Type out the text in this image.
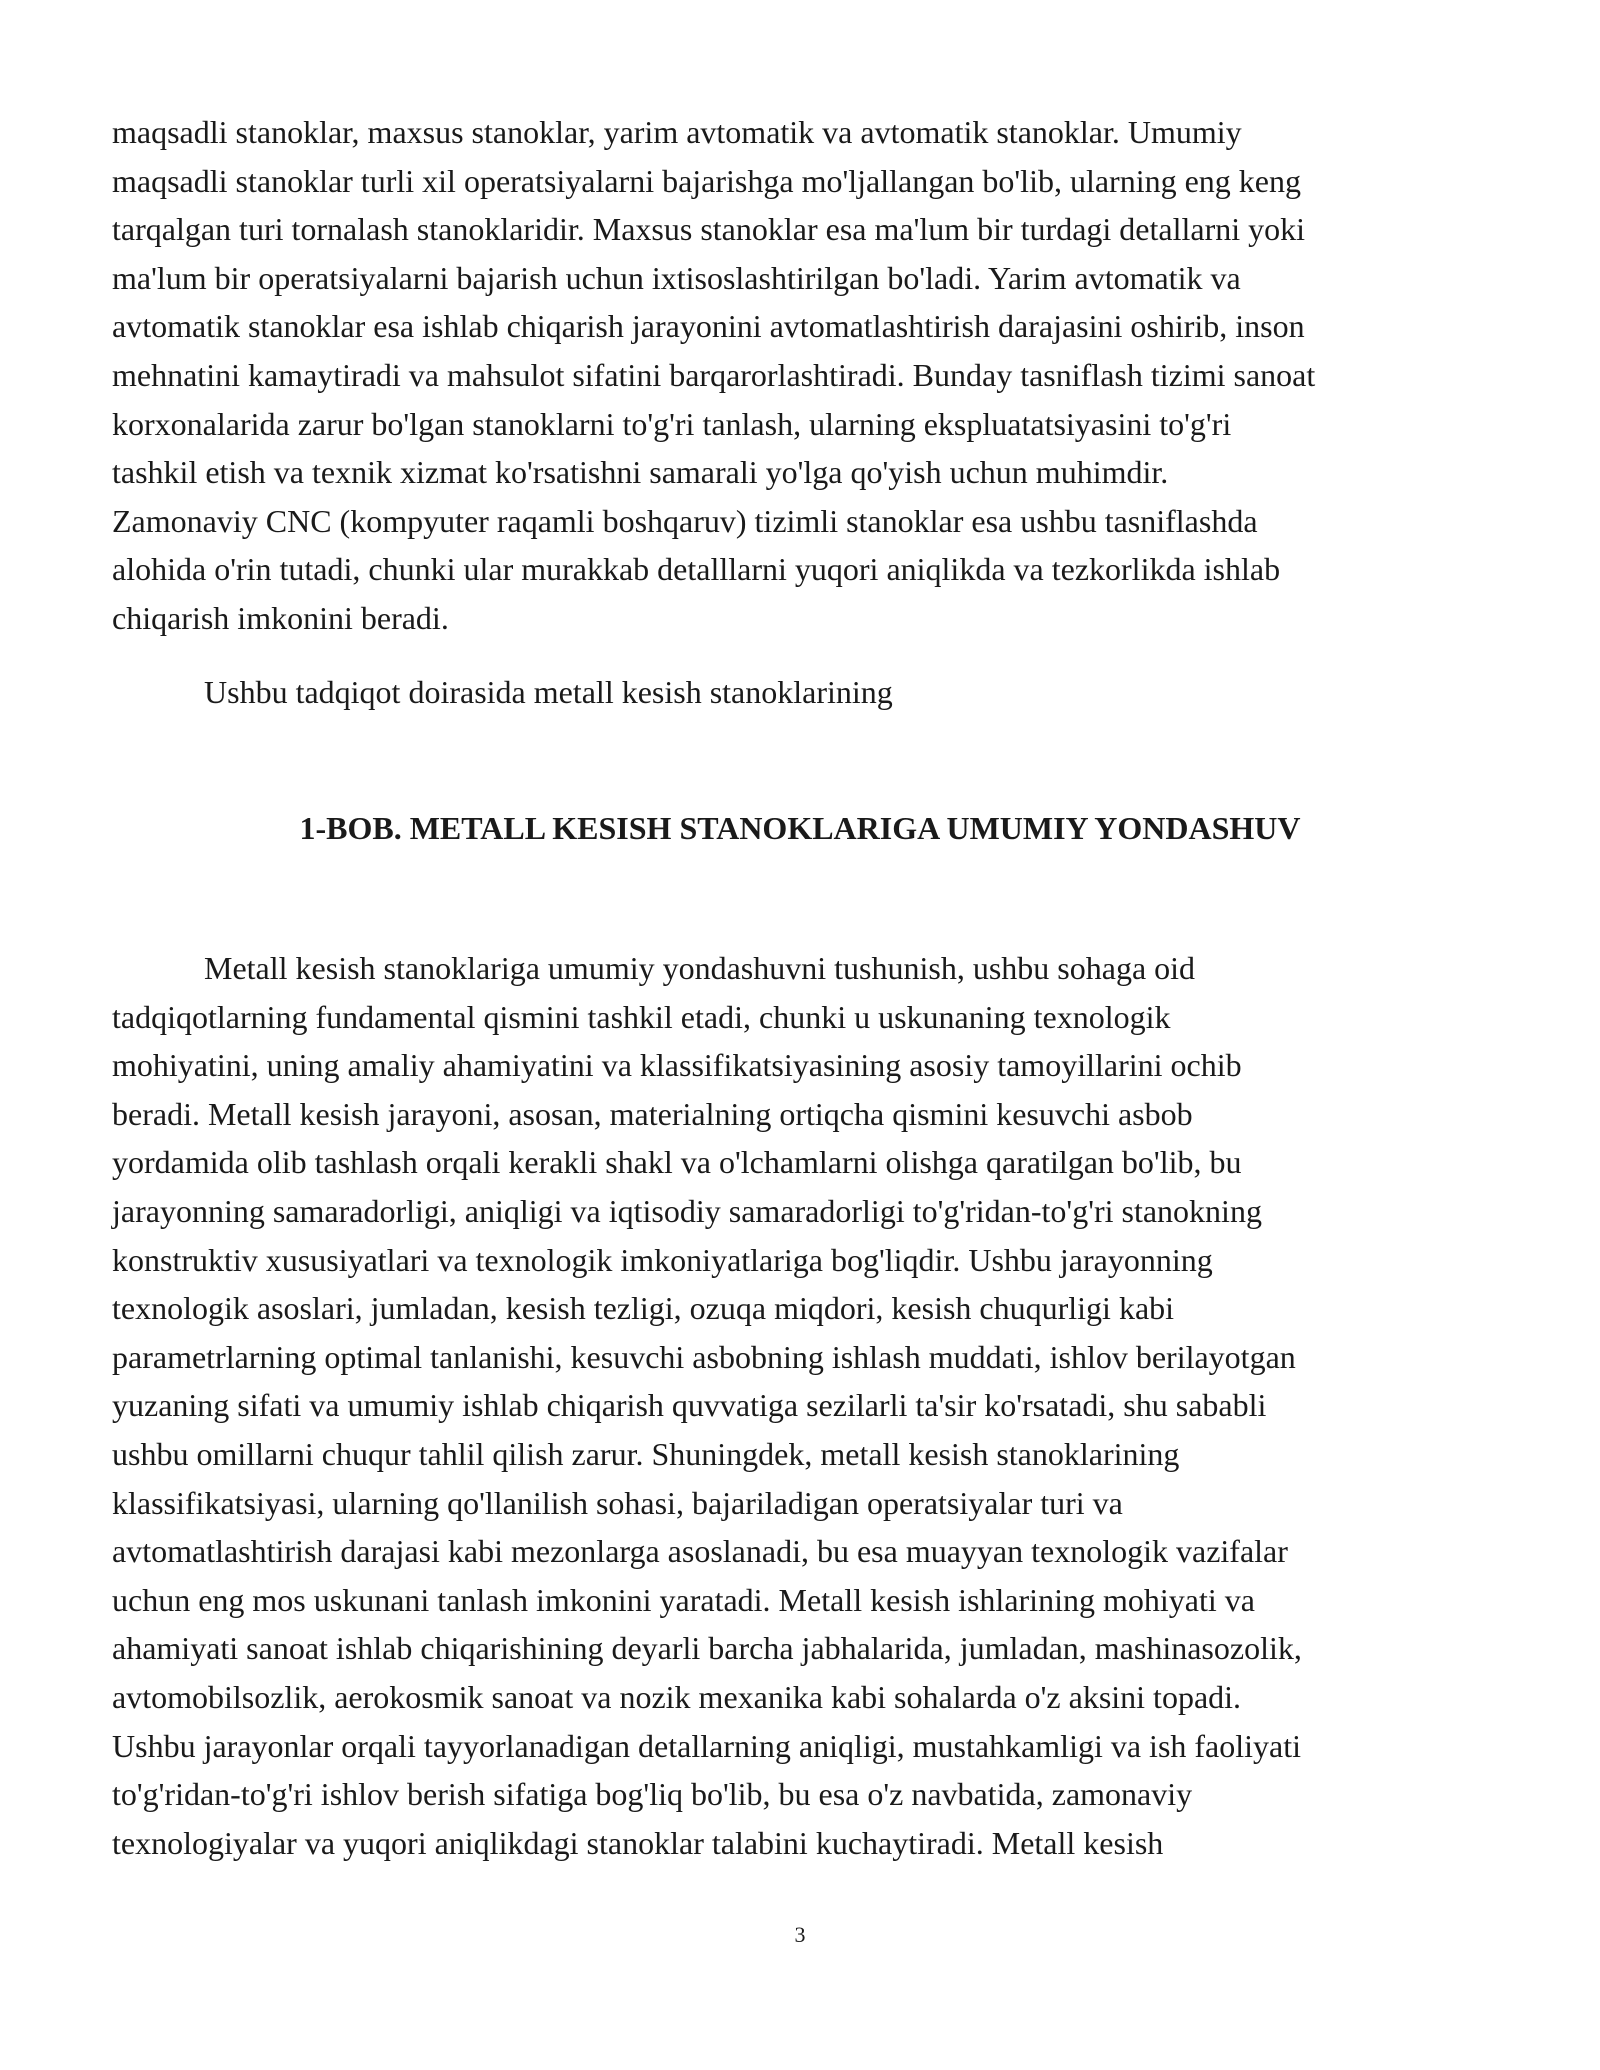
maqsadli stanoklar, maxsus stanoklar, yarim avtomatik va avtomatik stanoklar. Umumiy
maqsadli stanoklar turli xil operatsiyalarni bajarishga mo'ljallangan bo'lib, ularning eng keng
tarqalgan turi tornalash stanoklaridir. Maxsus stanoklar esa ma'lum bir turdagi detallarni yoki
ma'lum bir operatsiyalarni bajarish uchun ixtisoslashtirilgan bo'ladi. Yarim avtomatik va
avtomatik stanoklar esa ishlab chiqarish jarayonini avtomatlashtirish darajasini oshirib, inson
mehnatini kamaytiradi va mahsulot sifatini barqarorlashtiradi. Bunday tasniflash tizimi sanoat
korxonalarida zarur bo'lgan stanoklarni to'g'ri tanlash, ularning ekspluatatsiyasini to'g'ri
tashkil etish va texnik xizmat ko'rsatishni samarali yo'lga qo'yish uchun muhimdir.
Zamonaviy CNC (kompyuter raqamli boshqaruv) tizimli stanoklar esa ushbu tasniflashda
alohida o'rin tutadi, chunki ular murakkab detalllarni yuqori aniqlikda va tezkorlikda ishlab
chiqarish imkonini beradi.
Ushbu tadqiqot doirasida metall kesish stanoklarining
1-BOB. METALL KESISH STANOKLARIGA UMUMIY YONDASHUV
Metall kesish stanoklariga umumiy yondashuvni tushunish, ushbu sohaga oid
tadqiqotlarning fundamental qismini tashkil etadi, chunki u uskunaning texnologik
mohiyatini, uning amaliy ahamiyatini va klassifikatsiyasining asosiy tamoyillarini ochib
beradi. Metall kesish jarayoni, asosan, materialning ortiqcha qismini kesuvchi asbob
yordamida olib tashlash orqali kerakli shakl va o'lchamlarni olishga qaratilgan bo'lib, bu
jarayonning samaradorligi, aniqligi va iqtisodiy samaradorligi to'g'ridan-to'g'ri stanokning
konstruktiv xususiyatlari va texnologik imkoniyatlariga bog'liqdir. Ushbu jarayonning
texnologik asoslari, jumladan, kesish tezligi, ozuqa miqdori, kesish chuqurligi kabi
parametrlarning optimal tanlanishi, kesuvchi asbobning ishlash muddati, ishlov berilayotgan
yuzaning sifati va umumiy ishlab chiqarish quvvatiga sezilarli ta'sir ko'rsatadi, shu sababli
ushbu omillarni chuqur tahlil qilish zarur. Shuningdek, metall kesish stanoklarining
klassifikatsiyasi, ularning qo'llanilish sohasi, bajariladigan operatsiyalar turi va
avtomatlashtirish darajasi kabi mezonlarga asoslanadi, bu esa muayyan texnologik vazifalar
uchun eng mos uskunani tanlash imkonini yaratadi. Metall kesish ishlarining mohiyati va
ahamiyati sanoat ishlab chiqarishining deyarli barcha jabhalarida, jumladan, mashinasozolik,
avtomobilsozlik, aerokosmik sanoat va nozik mexanika kabi sohalarda o'z aksini topadi.
Ushbu jarayonlar orqali tayyorlanadigan detallarning aniqligi, mustahkamligi va ish faoliyati
to'g'ridan-to'g'ri ishlov berish sifatiga bog'liq bo'lib, bu esa o'z navbatida, zamonaviy
texnologiyalar va yuqori aniqlikdagi stanoklar talabini kuchaytiradi. Metall kesish
3
